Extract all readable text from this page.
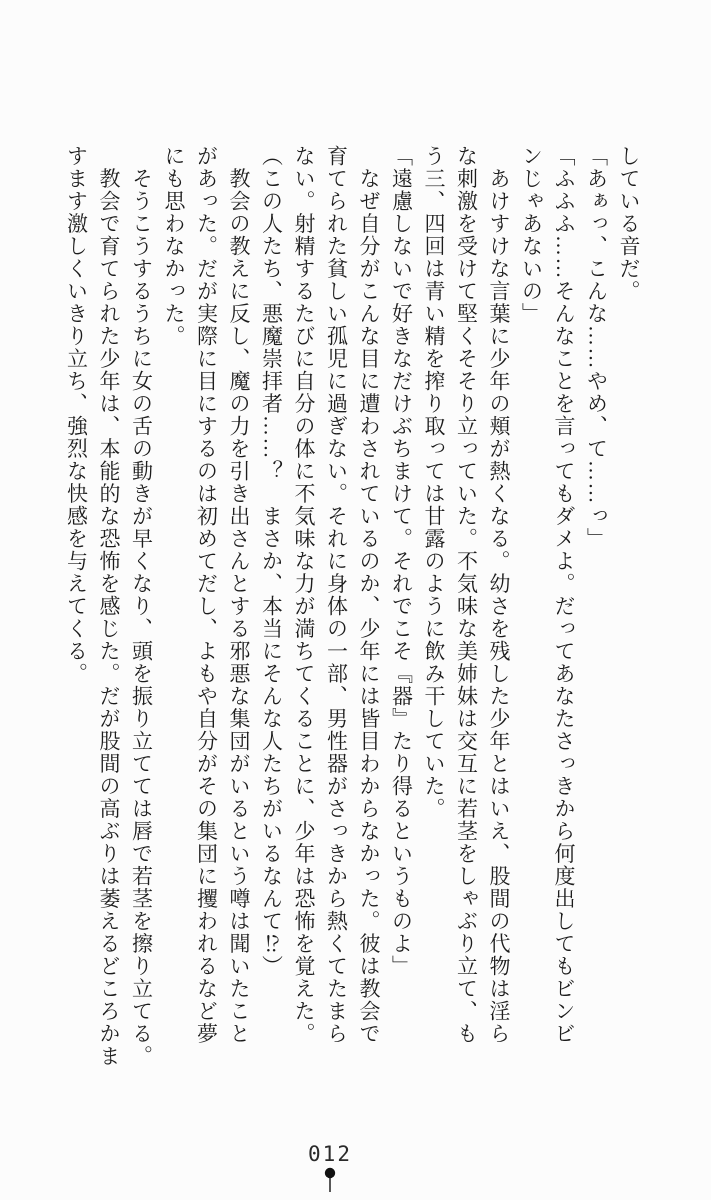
している音だ。

「あぁっ、こんな……やめ、て……っ」

「ふふふ……そんなことを言ってもダメよ。だってあなたさっきから何度出してもビンビ

ンじゃあないの」

　あけすけな言葉に少年の頬が熱くなる。幼さを残した少年とはいえ、股間の代物は淫ら

な刺激を受けて堅くそそり立っていた。不気味な美姉妹は交互に若茎をしゃぶり立て、も

う三、四回は青い精を搾り取っては甘露のように飲み干していた。

「遠慮しないで好きなだけぶちまけて。それでこそ『器』たり得るというものよ」

　なぜ自分がこんな目に遭わされているのか、少年には皆目わからなかった。彼は教会で

育てられた貧しい孤児に過ぎない。それに身体の一部、男性器がさっきから熱くてたまら

ない。射精するたびに自分の体に不気味な力が満ちてくることに、少年は恐怖を覚えた。

（この人たち、悪魔崇拝者……？　まさか、本当にそんな人たちがいるなんて⁉）

　教会の教えに反し、魔の力を引き出さんとする邪悪な集団がいるという噂は聞いたこと

があった。だが実際に目にするのは初めてだし、よもや自分がその集団に攫われるなど夢

にも思わなかった。

　そうこうするうちに女の舌の動きが早くなり、頭を振り立てては唇で若茎を擦り立てる。

　教会で育てられた少年は、本能的な恐怖を感じた。だが股間の高ぶりは萎えるどころかま

すます激しくいきり立ち、強烈な快感を与えてくる。

012
